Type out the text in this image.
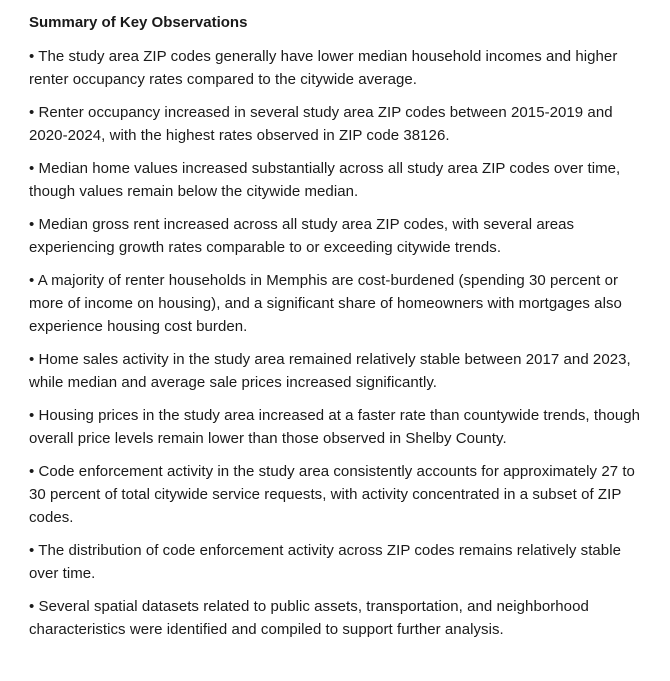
Summary of Key Observations
• The study area ZIP codes generally have lower median household incomes and higher renter occupancy rates compared to the citywide average.
• Renter occupancy increased in several study area ZIP codes between 2015-2019 and 2020-2024, with the highest rates observed in ZIP code 38126.
• Median home values increased substantially across all study area ZIP codes over time, though values remain below the citywide median.
• Median gross rent increased across all study area ZIP codes, with several areas experiencing growth rates comparable to or exceeding citywide trends.
• A majority of renter households in Memphis are cost-burdened (spending 30 percent or more of income on housing), and a significant share of homeowners with mortgages also experience housing cost burden.
• Home sales activity in the study area remained relatively stable between 2017 and 2023, while median and average sale prices increased significantly.
• Housing prices in the study area increased at a faster rate than countywide trends, though overall price levels remain lower than those observed in Shelby County.
• Code enforcement activity in the study area consistently accounts for approximately 27 to 30 percent of total citywide service requests, with activity concentrated in a subset of ZIP codes.
• The distribution of code enforcement activity across ZIP codes remains relatively stable over time.
• Several spatial datasets related to public assets, transportation, and neighborhood characteristics were identified and compiled to support further analysis.
